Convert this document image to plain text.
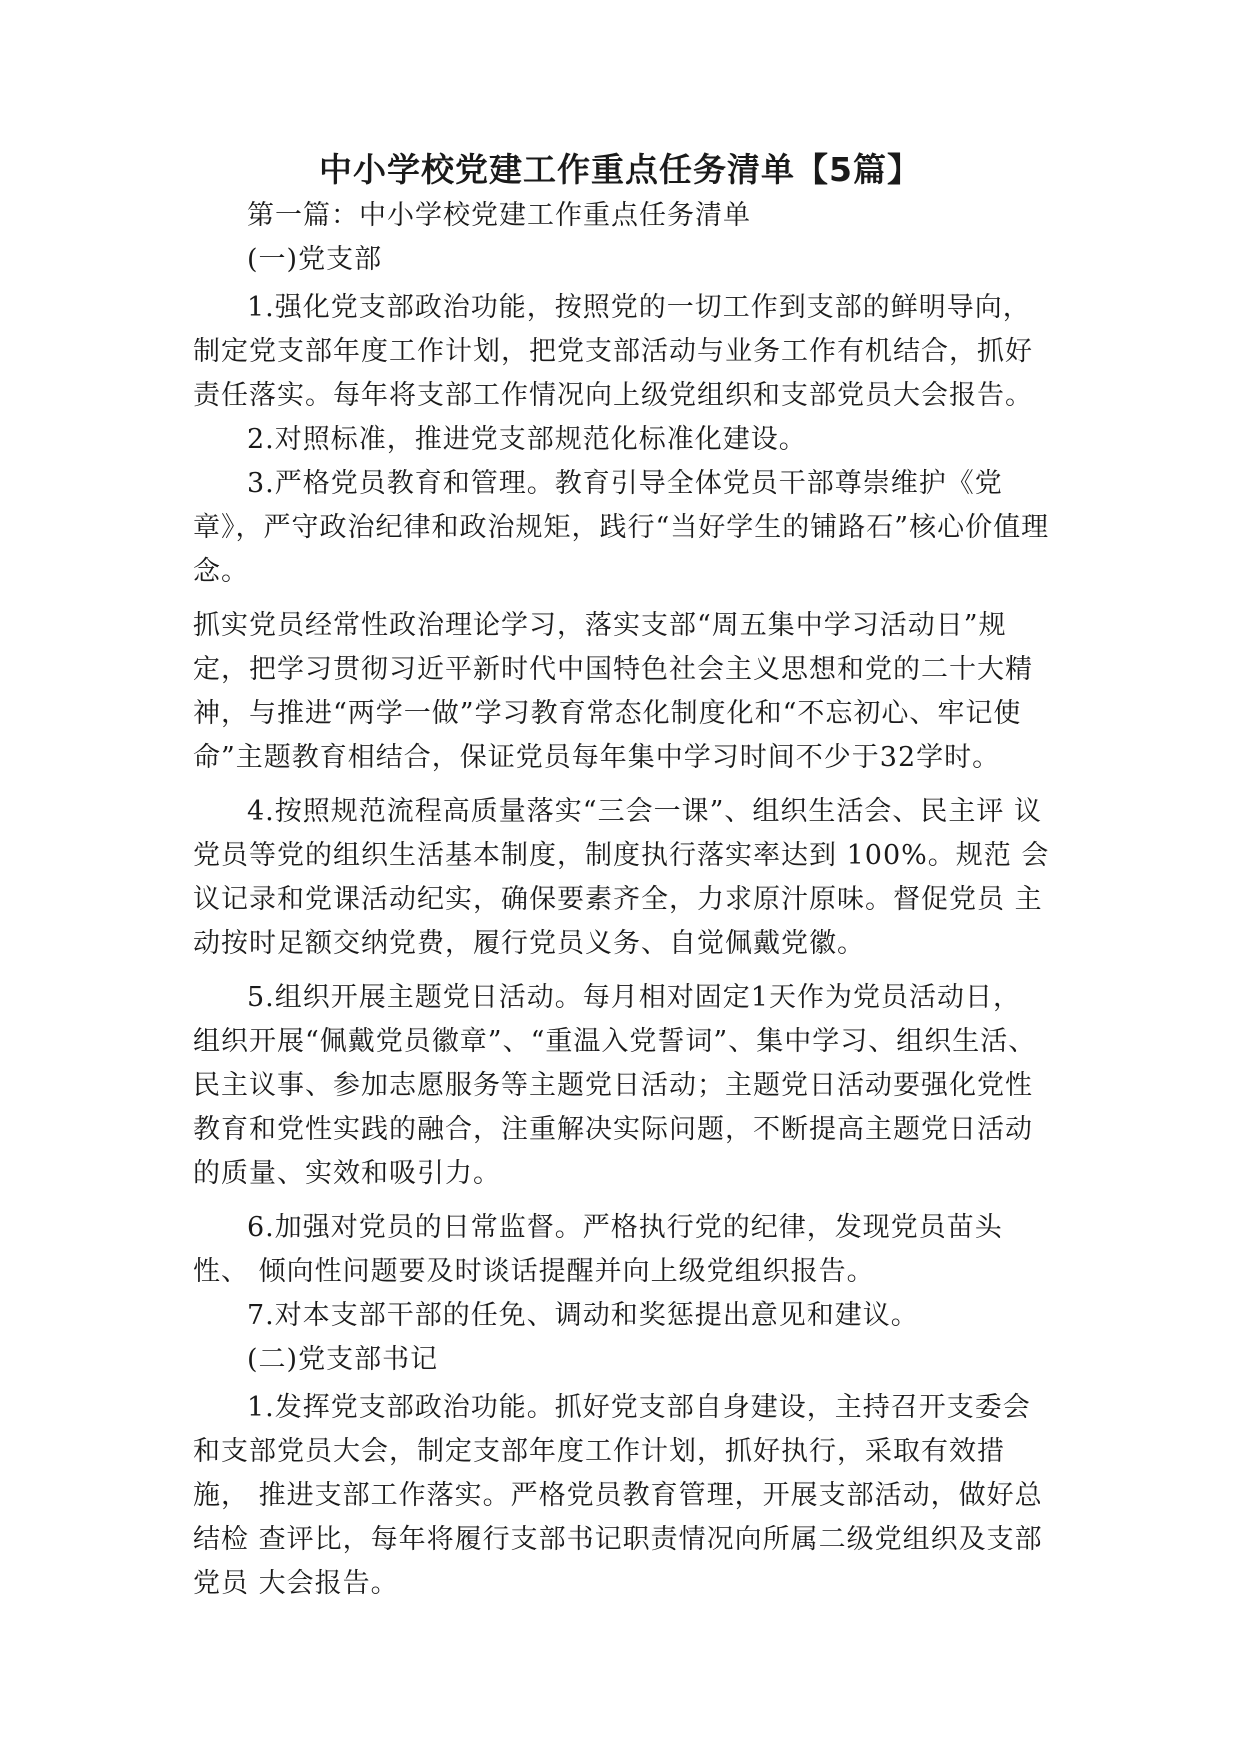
中小学校党建工作重点任务清单【5篇】

第一篇：中小学校党建工作重点任务清单

(一)党支部

1.强化党支部政治功能，按照党的一切工作到支部的鲜明导向，制定党支部年度工作计划，把党支部活动与业务工作有机结合，抓好责任落实。每年将支部工作情况向上级党组织和支部党员大会报告。

2.对照标准，推进党支部规范化标准化建设。

3.严格党员教育和管理。教育引导全体党员干部尊崇维护《党章》，严守政治纪律和政治规矩，践行“当好学生的铺路石”核心价值理念。

抓实党员经常性政治理论学习，落实支部“周五集中学习活动日”规定，把学习贯彻习近平新时代中国特色社会主义思想和党的二十大精神，与推进“两学一做”学习教育常态化制度化和“不忘初心、牢记使命”主题教育相结合，保证党员每年集中学习时间不少于32学时。

4.按照规范流程高质量落实“三会一课”、组织生活会、民主评 议党员等党的组织生活基本制度，制度执行落实率达到 100%。规范 会议记录和党课活动纪实，确保要素齐全，力求原汁原味。督促党员 主动按时足额交纳党费，履行党员义务、自觉佩戴党徽。

5.组织开展主题党日活动。每月相对固定1天作为党员活动日， 组织开展“佩戴党员徽章”、“重温入党誓词”、集中学习、组织生活、 民主议事、参加志愿服务等主题党日活动；主题党日活动要强化党性 教育和党性实践的融合，注重解决实际问题，不断提高主题党日活动 的质量、实效和吸引力。

6.加强对党员的日常监督。严格执行党的纪律，发现党员苗头性、 倾向性问题要及时谈话提醒并向上级党组织报告。

7.对本支部干部的任免、调动和奖惩提出意见和建议。

(二)党支部书记

1.发挥党支部政治功能。抓好党支部自身建设，主持召开支委会 和支部党员大会，制定支部年度工作计划，抓好执行，采取有效措施， 推进支部工作落实。严格党员教育管理，开展支部活动，做好总结检 查评比，每年将履行支部书记职责情况向所属二级党组织及支部党员 大会报告。
